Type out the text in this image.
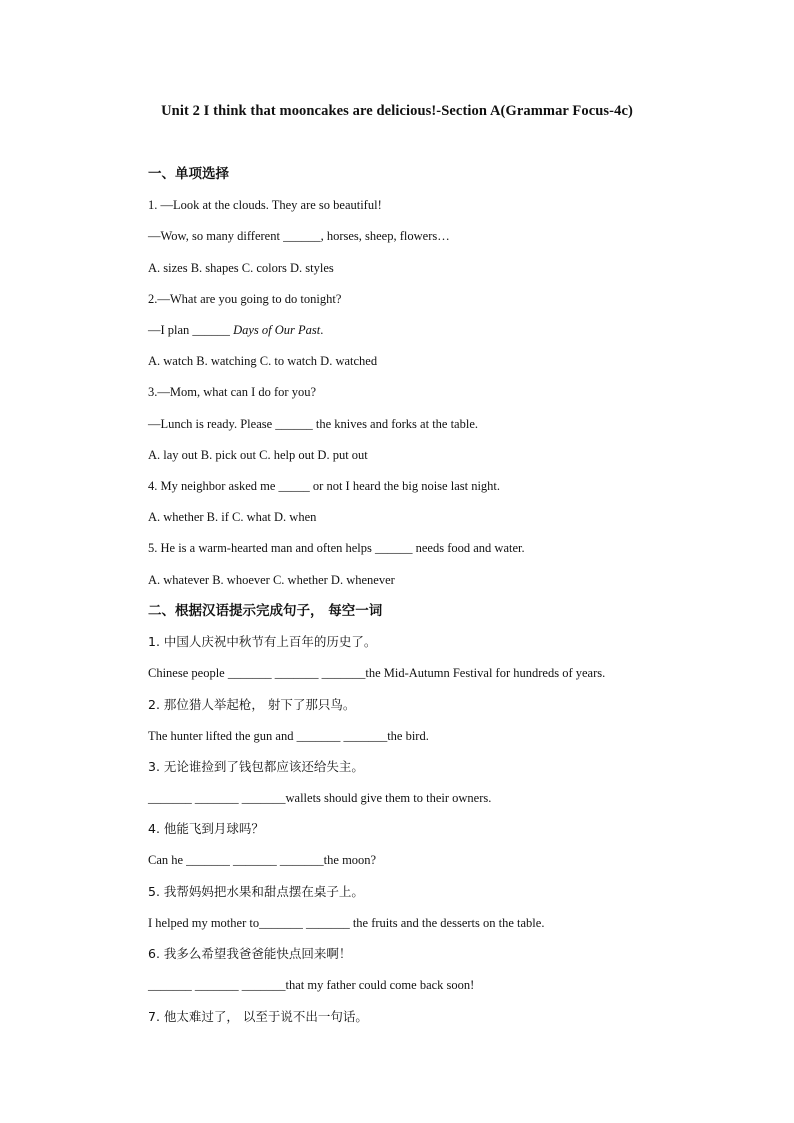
Unit 2 I think that mooncakes are delicious!-Section A(Grammar Focus-4c)
一、单项选择
1. —Look at the clouds. They are so beautiful!
—Wow, so many different ______, horses, sheep, flowers…
A. sizes B. shapes C. colors D. styles
2.—What are you going to do tonight?
—I plan ______ Days of Our Past.
A. watch B. watching C. to watch D. watched
3.—Mom, what can I do for you?
—Lunch is ready. Please ______ the knives and forks at the table.
A. lay out B. pick out C. help out D. put out
4. My neighbor asked me _____ or not I heard the big noise last night.
A. whether B. if C. what D. when
5. He is a warm-hearted man and often helps ______ needs food and water.
A. whatever B. whoever C. whether D. whenever
二、根据汉语提示完成句子， 每空一词
1. 中国人庆祝中秋节有上百年的历史了。
Chinese people _______ _______ _______the Mid-Autumn Festival for hundreds of years.
2. 那位猎人举起枪， 射下了那只鸟。
The hunter lifted the gun and _______ _______the bird.
3. 无论谁捡到了钱包都应该还给失主。
_______ _______ _______wallets should give them to their owners.
4. 他能飞到月球吗？
Can he _______ _______ _______the moon?
5. 我帮妈妈把水果和甜点摆在桌子上。
I helped my mother to_______ _______ the fruits and the desserts on the table.
6. 我多么希望我爸爸能快点回来啊！
_______ _______ _______that my father could come back soon!
7. 他太难过了， 以至于说不出一句话。
